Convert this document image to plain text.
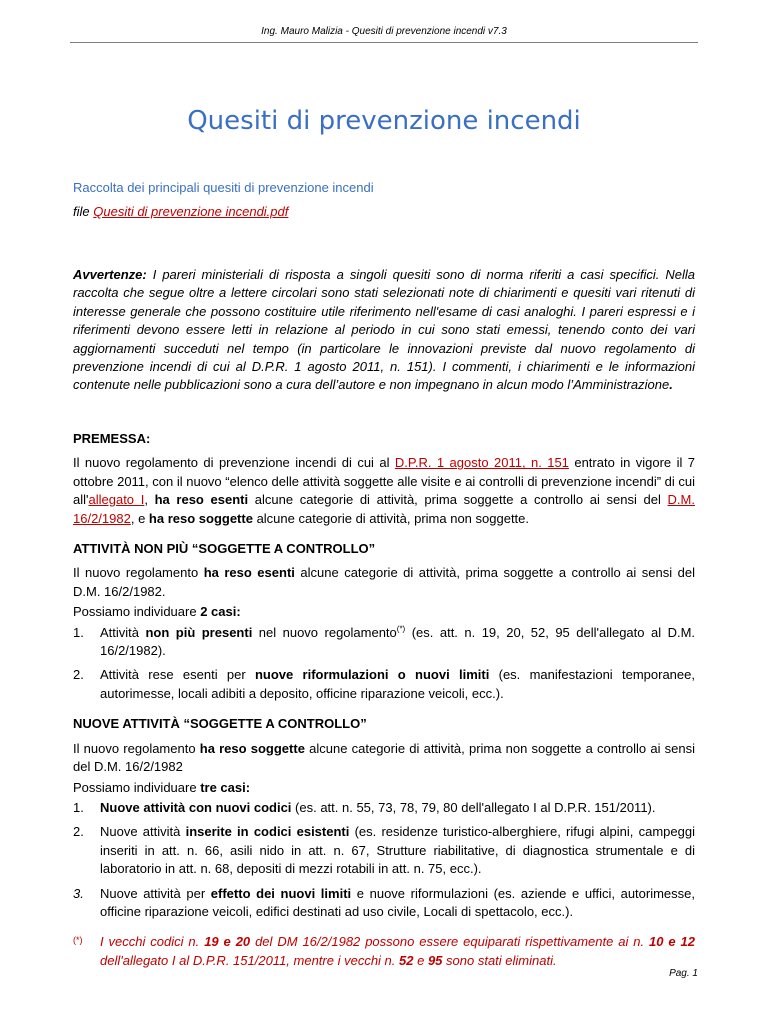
Ing. Mauro Malizia - Quesiti di prevenzione incendi v7.3
Quesiti di prevenzione incendi
Raccolta dei principali quesiti di prevenzione incendi
file Quesiti di prevenzione incendi.pdf
Avvertenze: I pareri ministeriali di risposta a singoli quesiti sono di norma riferiti a casi specifici. Nella raccolta che segue oltre a lettere circolari sono stati selezionati note di chiarimenti e quesiti vari ritenuti di interesse generale che possono costituire utile riferimento nell'esame di casi analoghi. I pareri espressi e i riferimenti devono essere letti in relazione al periodo in cui sono stati emessi, tenendo conto dei vari aggiornamenti succeduti nel tempo (in particolare le innovazioni previste dal nuovo regolamento di prevenzione incendi di cui al D.P.R. 1 agosto 2011, n. 151). I commenti, i chiarimenti e le informazioni contenute nelle pubblicazioni sono a cura dell’autore e non impegnano in alcun modo l’Amministrazione.

PREMESSA:

Il nuovo regolamento di prevenzione incendi di cui al D.P.R. 1 agosto 2011, n. 151 entrato in vigore il 7 ottobre 2011, con il nuovo “elenco delle attività soggette alle visite e ai controlli di prevenzione incendi” di cui all'allegato I, ha reso esenti alcune categorie di attività, prima soggette a controllo ai sensi del D.M. 16/2/1982, e ha reso soggette alcune categorie di attività, prima non soggette.

ATTIVITÀ NON PIÙ “SOGGETTE A CONTROLLO”

Il nuovo regolamento ha reso esenti alcune categorie di attività, prima soggette a controllo ai sensi del D.M. 16/2/1982.

Possiamo individuare 2 casi:

1. Attività non più presenti nel nuovo regolamento(*) (es. att. n. 19, 20, 52, 95 dell'allegato al D.M. 16/2/1982).
2. Attività rese esenti per nuove riformulazioni o nuovi limiti (es. manifestazioni temporanee, autorimesse, locali adibiti a deposito, officine riparazione veicoli, ecc.).

NUOVE ATTIVITÀ “SOGGETTE A CONTROLLO”

Il nuovo regolamento ha reso soggette alcune categorie di attività, prima non soggette a controllo ai sensi del D.M. 16/2/1982

Possiamo individuare tre casi:

1. Nuove attività con nuovi codici (es. att. n. 55, 73, 78, 79, 80 dell'allegato I al D.P.R. 151/2011).
2. Nuove attività inserite in codici esistenti (es. residenze turistico-alberghiere, rifugi alpini, campeggi inseriti in att. n. 66, asili nido in att. n. 67, Strutture riabilitative, di diagnostica strumentale e di laboratorio in att. n. 68, depositi di mezzi rotabili in att. n. 75, ecc.).
3. Nuove attività per effetto dei nuovi limiti e nuove riformulazioni (es. aziende e uffici, autorimesse, officine riparazione veicoli, edifici destinati ad uso civile, Locali di spettacolo, ecc.).
(*) I vecchi codici n. 19 e 20 del DM 16/2/1982 possono essere equiparati rispettivamente ai n. 10 e 12 dell'allegato I al D.P.R. 151/2011, mentre i vecchi n. 52 e 95 sono stati eliminati.
Pag. 1
